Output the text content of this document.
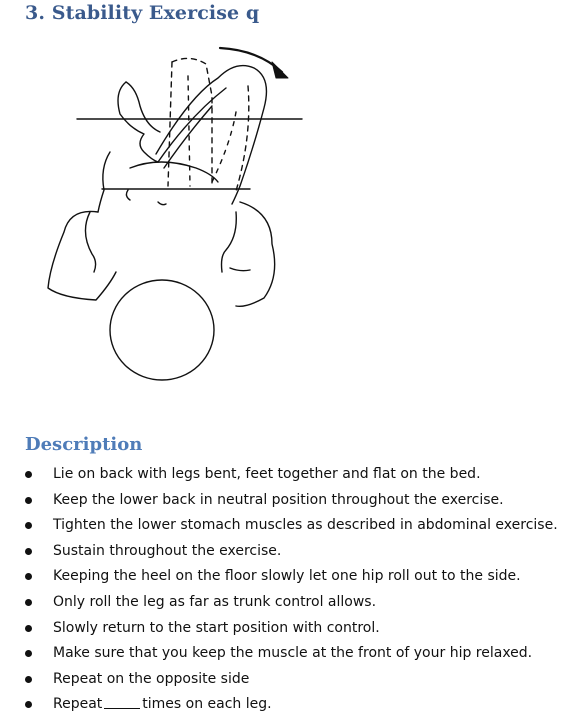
3. Stability Exercise q
Description
Lie on back with legs bent, feet together and flat on the bed.
Keep the lower back in neutral position throughout the exercise.
Tighten the lower stomach muscles as described in abdominal exercise.
Sustain throughout the exercise.
Keeping the heel on the floor slowly let one hip roll out to the side.
Only roll the leg as far as trunk control allows.
Slowly return to the start position with control.
Make sure that you keep the muscle at the front of your hip relaxed.
Repeat on the opposite side
Repeat	times on each leg.
